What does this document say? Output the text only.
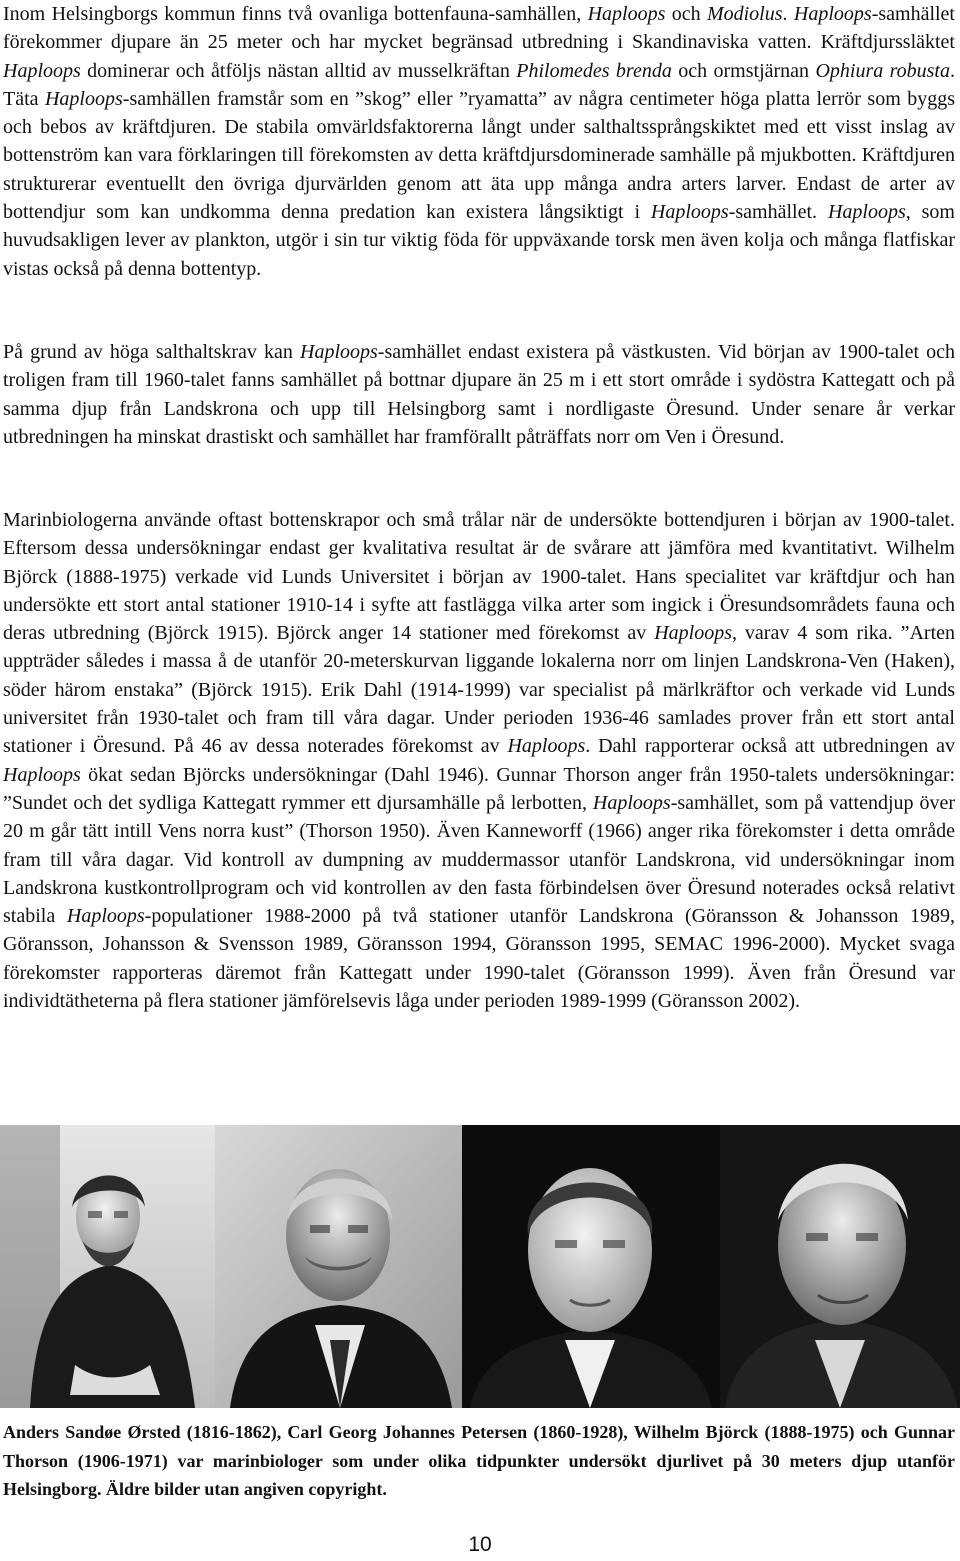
Inom Helsingborgs kommun finns två ovanliga bottenfauna-samhällen, Haploops och Modiolus. Haploops-samhället förekommer djupare än 25 meter och har mycket begränsad utbredning i Skandinaviska vatten. Kräftdjurssläktet Haploops dominerar och åtföljs nästan alltid av musselkräftan Philomedes brenda och ormstjärnan Ophiura robusta. Täta Haploops-samhällen framstår som en ”skog” eller ”ryamatta” av några centimeter höga platta lerrör som byggs och bebos av kräftdjuren. De stabila omvärldsfaktorerna långt under salthaltssprångskiktet med ett visst inslag av bottenström kan vara förklaringen till förekomsten av detta kräftdjursdominerade samhälle på mjukbotten. Kräftdjuren strukturerar eventuellt den övriga djurvärlden genom att äta upp många andra arters larver. Endast de arter av bottendjur som kan undkomma denna predation kan existera långsiktigt i Haploops-samhället. Haploops, som huvudsakligen lever av plankton, utgör i sin tur viktig föda för uppväxande torsk men även kolja och många flatfiskar vistas också på denna bottentyp.

På grund av höga salthaltskrav kan Haploops-samhället endast existera på västkusten. Vid början av 1900-talet och troligen fram till 1960-talet fanns samhället på bottnar djupare än 25 m i ett stort område i sydöstra Kattegatt och på samma djup från Landskrona och upp till Helsingborg samt i nordligaste Öresund. Under senare år verkar utbredningen ha minskat drastiskt och samhället har framförallt påträffats norr om Ven i Öresund.

Marinbiologerna använde oftast bottenskrapor och små trålar när de undersökte bottendjuren i början av 1900-talet. Eftersom dessa undersökningar endast ger kvalitativa resultat är de svårare att jämföra med kvantitativt. Wilhelm Björck (1888-1975) verkade vid Lunds Universitet i början av 1900-talet. Hans specialitet var kräftdjur och han undersökte ett stort antal stationer 1910-14 i syfte att fastlägga vilka arter som ingick i Öresundsområdets fauna och deras utbredning (Björck 1915). Björck anger 14 stationer med förekomst av Haploops, varav 4 som rika. ”Arten uppträder således i massa å de utanför 20-meterskurvan liggande lokalerna norr om linjen Landskrona-Ven (Haken), söder härom enstaka” (Björck 1915). Erik Dahl (1914-1999) var specialist på märlkräftor och verkade vid Lunds universitet från 1930-talet och fram till våra dagar. Under perioden 1936-46 samlades prover från ett stort antal stationer i Öresund. På 46 av dessa noterades förekomst av Haploops. Dahl rapporterar också att utbredningen av Haploops ökat sedan Björcks undersökningar (Dahl 1946). Gunnar Thorson anger från 1950-talets undersökningar: ”Sundet och det sydliga Kattegatt rymmer ett djursamhälle på lerbotten, Haploops-samhället, som på vattendjup över 20 m går tätt intill Vens norra kust” (Thorson 1950). Även Kanneworff (1966) anger rika förekomster i detta område fram till våra dagar. Vid kontroll av dumpning av muddermassor utanför Landskrona, vid undersökningar inom Landskrona kustkontrollprogram och vid kontrollen av den fasta förbindelsen över Öresund noterades också relativt stabila Haploops-populationer 1988-2000 på två stationer utanför Landskrona (Göransson & Johansson 1989, Göransson, Johansson & Svensson 1989, Göransson 1994, Göransson 1995, SEMAC 1996-2000). Mycket svaga förekomster rapporteras däremot från Kattegatt under 1990-talet (Göransson 1999). Även från Öresund var individtätheterna på flera stationer jämförelsevis låga under perioden 1989-1999 (Göransson 2002).

Anders Sandøe Ørsted (1816-1862), Carl Georg Johannes Petersen (1860-1928), Wilhelm Björck (1888-1975) och Gunnar Thorson (1906-1971) var marinbiologer som under olika tidpunkter undersökt djurlivet på 30 meters djup utanför Helsingborg. Äldre bilder utan angiven copyright.

10
